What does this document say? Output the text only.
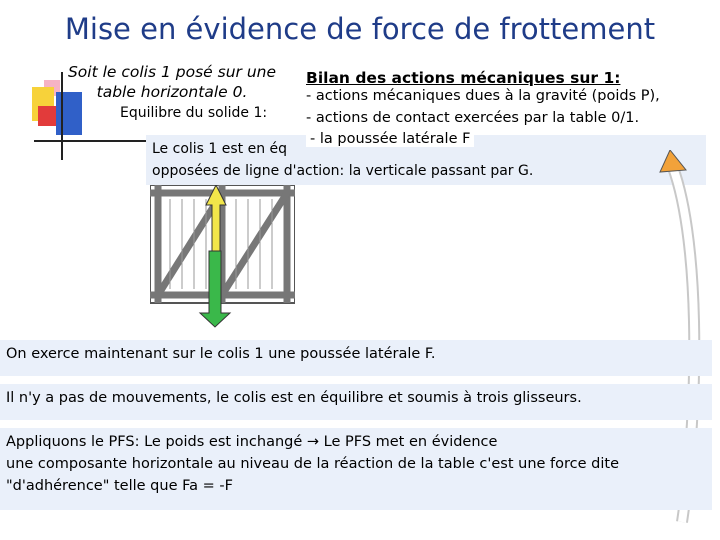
Mise en évidence de force de frottement
Soit le colis 1 posé sur une
table horizontale 0.
Equilibre du solide 1:
Bilan des actions mécaniques sur 1:
- actions mécaniques dues à la gravité (poids P),
- actions de contact exercées par la table 0/1.
Le colis 1 est en éq
opposées de ligne d'action: la verticale passant par G.
- la poussée latérale F
On exerce maintenant sur le colis 1 une poussée latérale F.
Il n'y a pas de mouvements, le colis est en équilibre et soumis à trois glisseurs.
Appliquons le PFS: Le poids est inchangé → Le PFS met en évidence
une composante horizontale au niveau de la réaction de la table c'est une force dite
"d'adhérence" telle que Fa = -F
